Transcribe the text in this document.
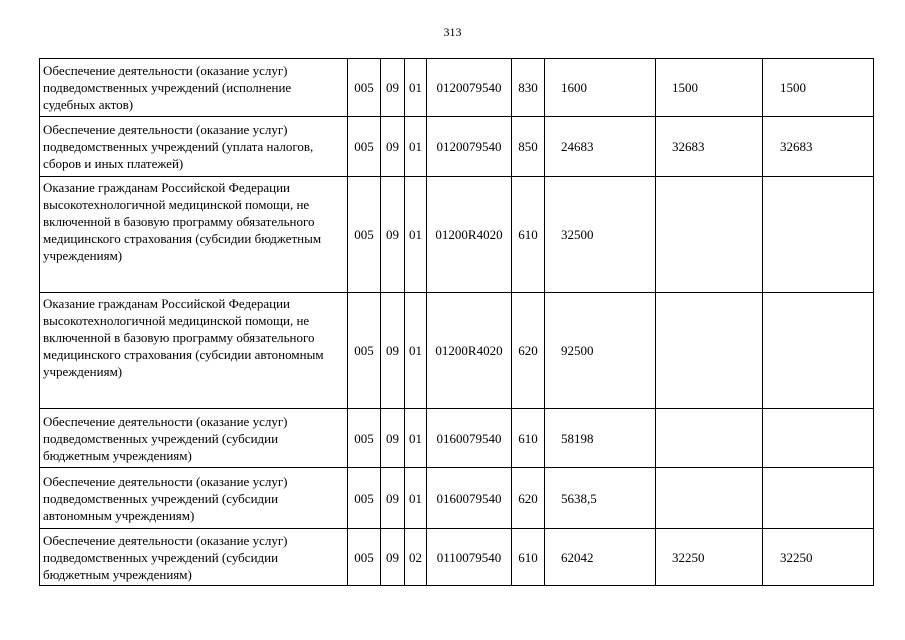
313
Обеспечение деятельности (оказание услуг) подведомственных учреждений (исполнение судебных актов)	005	09	01	0120079540	830	1600	1500	1500
Обеспечение деятельности (оказание услуг) подведомственных учреждений (уплата налогов, сборов и иных платежей)	005	09	01	0120079540	850	24683	32683	32683
Оказание гражданам Российской Федерации высокотехнологичной медицинской помощи, не включенной в базовую программу обязательного медицинского страхования (субсидии бюджетным учреждениям)	005	09	01	01200R4020	610	32500		
Оказание гражданам Российской Федерации высокотехнологичной медицинской помощи, не включенной в базовую программу обязательного медицинского страхования (субсидии автономным учреждениям)	005	09	01	01200R4020	620	92500		
Обеспечение деятельности (оказание услуг) подведомственных учреждений (субсидии бюджетным учреждениям)	005	09	01	0160079540	610	58198		
Обеспечение деятельности (оказание услуг) подведомственных учреждений (субсидии автономным учреждениям)	005	09	01	0160079540	620	5638,5		
Обеспечение деятельности (оказание услуг) подведомственных учреждений (субсидии бюджетным учреждениям)	005	09	02	0110079540	610	62042	32250	32250
